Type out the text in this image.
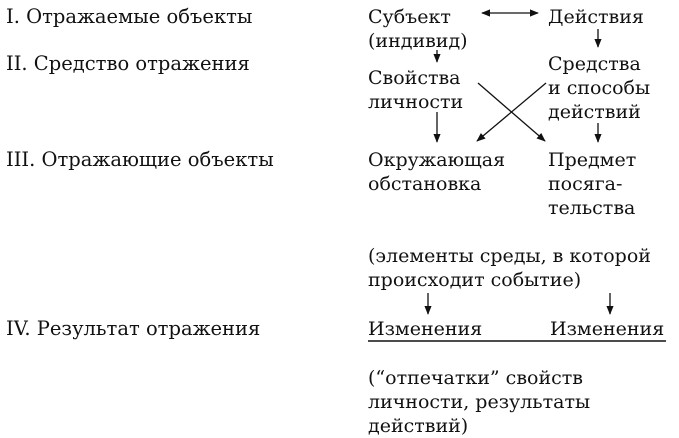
I. Отражаемые объекты
II. Средство отражения
III. Отражающие объекты
IV. Результат отражения
Субъект
(индивид)
Действия
Свойства
личности
Средства
и способы
действий
Окружающая
обстановка
Предмет
посяга-
тельства
(элементы среды, в которой
происходит событие)
Изменения	Изменения
(“отпечатки” свойств
личности, результаты
действий)
